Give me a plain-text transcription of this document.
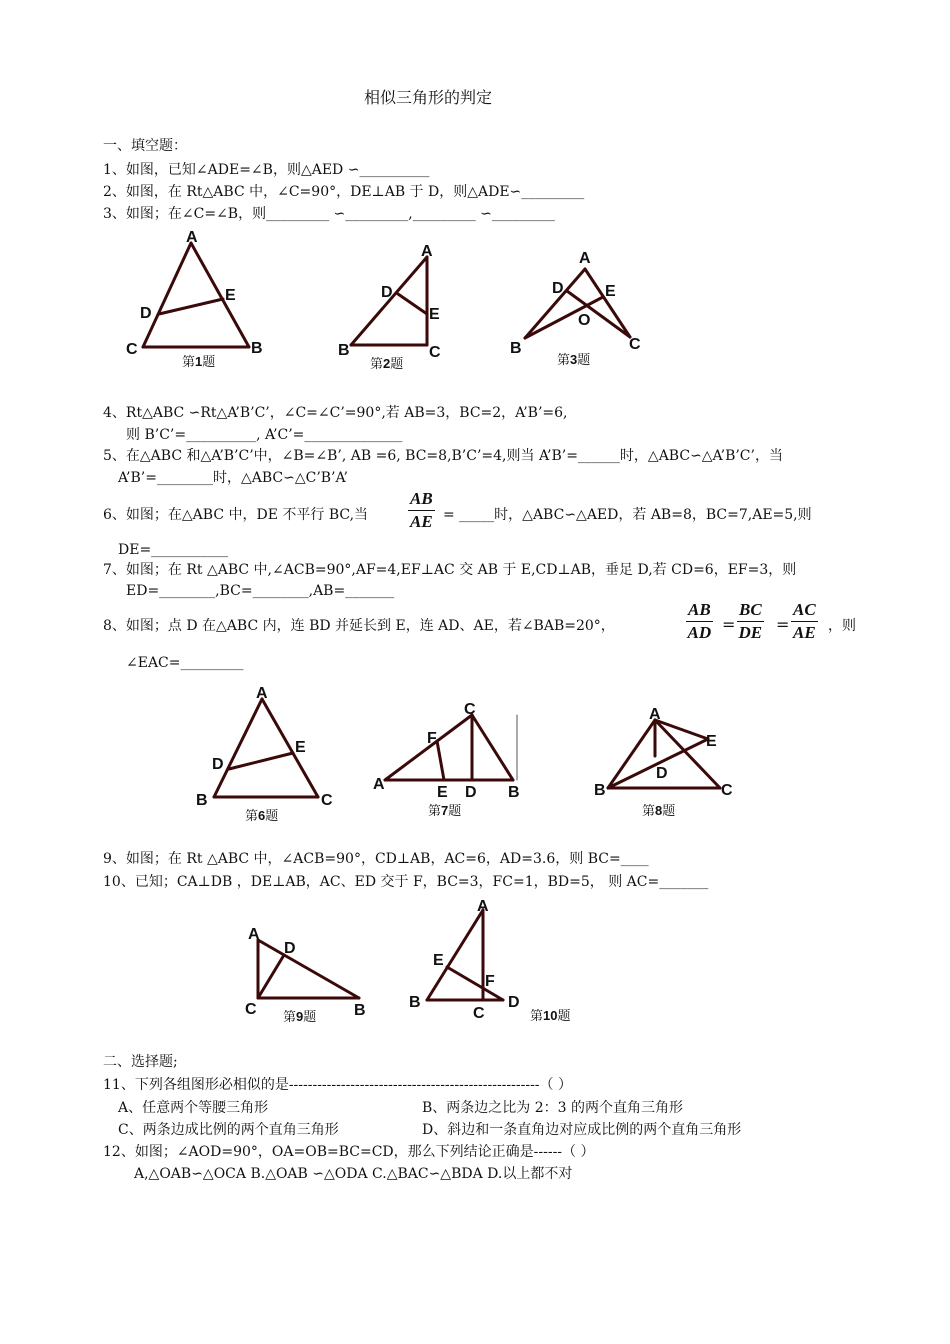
相似三角形的判定
一、填空题：
1、如图，已知∠ADE=∠B，则△AED ∽__________
2、如图，在 Rt△ABC 中，∠C=90°，DE⊥AB 于 D，则△ADE∽_________
3、如图；在∠C=∠B，则_________ ∽_________,_________ ∽_________
A
C	B
D
E
第1题
A
B	C
D
E
第2题
A
D	E
O
B	C
第3题
4、Rt△ABC ∽Rt△A’B’C’，∠C=∠C’=90°,若 AB=3，BC=2，A’B’=6,
则 B’C’=__________, A’C’=______________
5、在△ABC 和△A’B’C’中，∠B=∠B’, AB =6, BC=8,B’C’=4,则当 A’B’=______时，△ABC∽△A’B’C’，当
A’B’=________时，△ABC∽△C’B’A’
6、如图；在△ABC 中，DE 不平行 BC,当 $\frac{AB}{AE}$ = _____时，△ABC∽△AED，若 AB=8，BC=7,AE=5,则
DE=___________
7、如图；在 Rt △ABC 中,∠ACB=90°,AF=4,EF⊥AC 交 AB 于 E,CD⊥AB，垂足 D,若 CD=6，EF=3，则
ED=________,BC=________,AB=_______
8、如图；点 D 在△ABC 内，连 BD 并延长到 E，连 AD、AE，若∠BAB=20°，	$\frac{AB}{AD} = \frac{BC}{DE} = \frac{AC}{AE}$ ，则
∠EAC=_________
A
D
E
B	C
第6题
C
F
A	E D B
第7题
A
E
D
B	C
第8题
9、如图；在 Rt △ABC 中，∠ACB=90°，CD⊥AB，AC=6，AD=3.6，则 BC=____
10、已知；CA⊥DB ，DE⊥AB，AC、ED 交于 F，BC=3，FC=1，BD=5， 则 AC=_______
A
D
C	B
第9题
A
E
F
B
C
D
第10题
二、选择题;
11、下列各组图形必相似的是-----------------------------------------------------（ ）
A、任意两个等腰三角形	B、两条边之比为 2：3 的两个直角三角形
C、两条边成比例的两个直角三角形	D、斜边和一条直角边对应成比例的两个直角三角形
12、如图；∠AOD=90°，OA=OB=BC=CD，那么下列结论正确是------（ ）
A,△OAB∽△OCA B.△OAB ∽△ODA C.△BAC∽△BDA D.以上都不对
